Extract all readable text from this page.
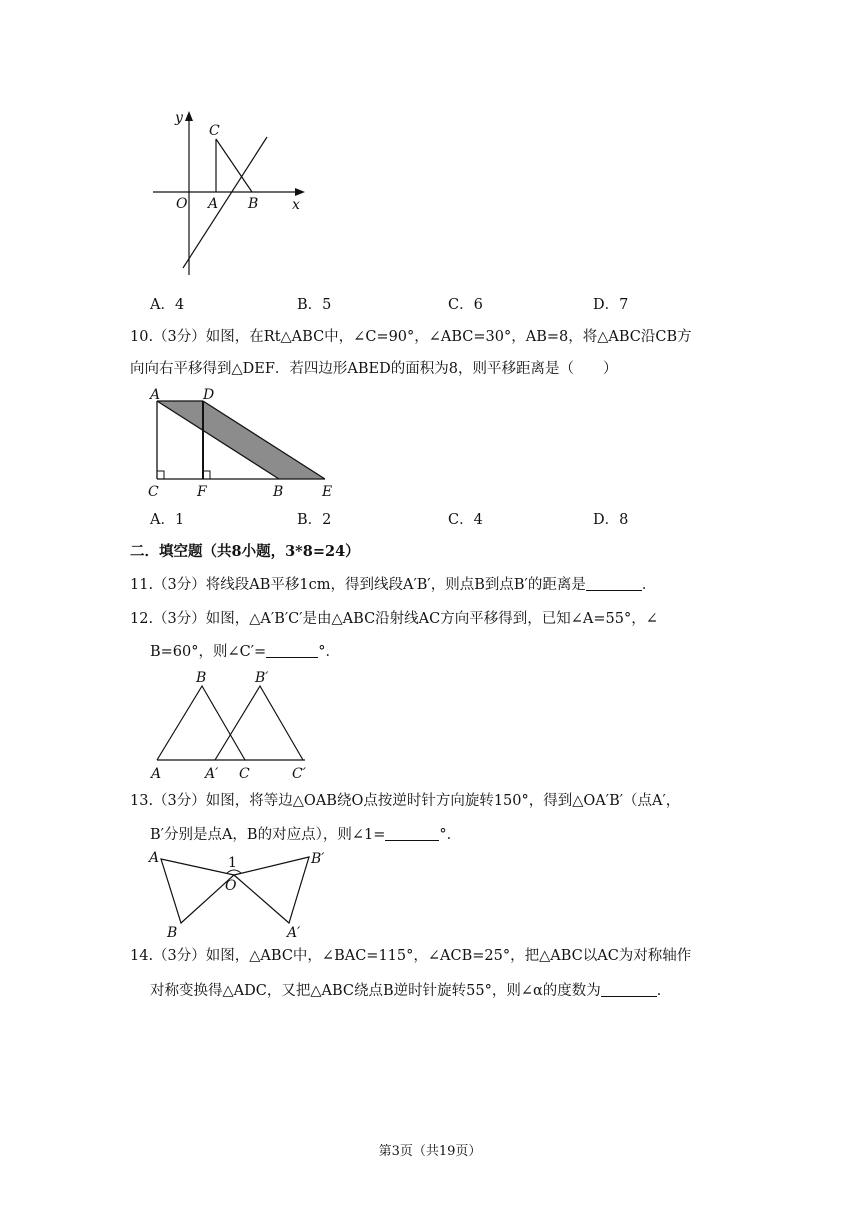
y
x
O A B
C
A．4	B．5	C．6	D．7
10.（3分）如图，在Rt△ABC中，∠C=90°，∠ABC=30°，AB=8，将△ABC沿CB方
向向右平移得到△DEF．若四边形ABED的面积为8，则平移距离是（　　）
A	D
C	F	B	E
A．1	B．2	C．4	D．8
二．填空题（共8小题，3*8=24）
11.（3分）将线段AB平移1cm，得到线段A′B′，则点B到点B′的距离是	．
12.（3分）如图，△A′B′C′是由△ABC沿射线AC方向平移得到，已知∠A=55°，∠
B=60°，则∠C′=	°．
B	B′
A	A′ C	C′
13.（3分）如图，将等边△OAB绕O点按逆时针方向旋转150°，得到△OA′B′（点A′，
B′分别是点A，B的对应点），则∠1=	°．
A
B
1
O
B′
A′
14.（3分）如图，△ABC中，∠BAC=115°，∠ACB=25°，把△ABC以AC为对称轴作
对称变换得△ADC，又把△ABC绕点B逆时针旋转55°，则∠α的度数为	．
第3页（共19页）
